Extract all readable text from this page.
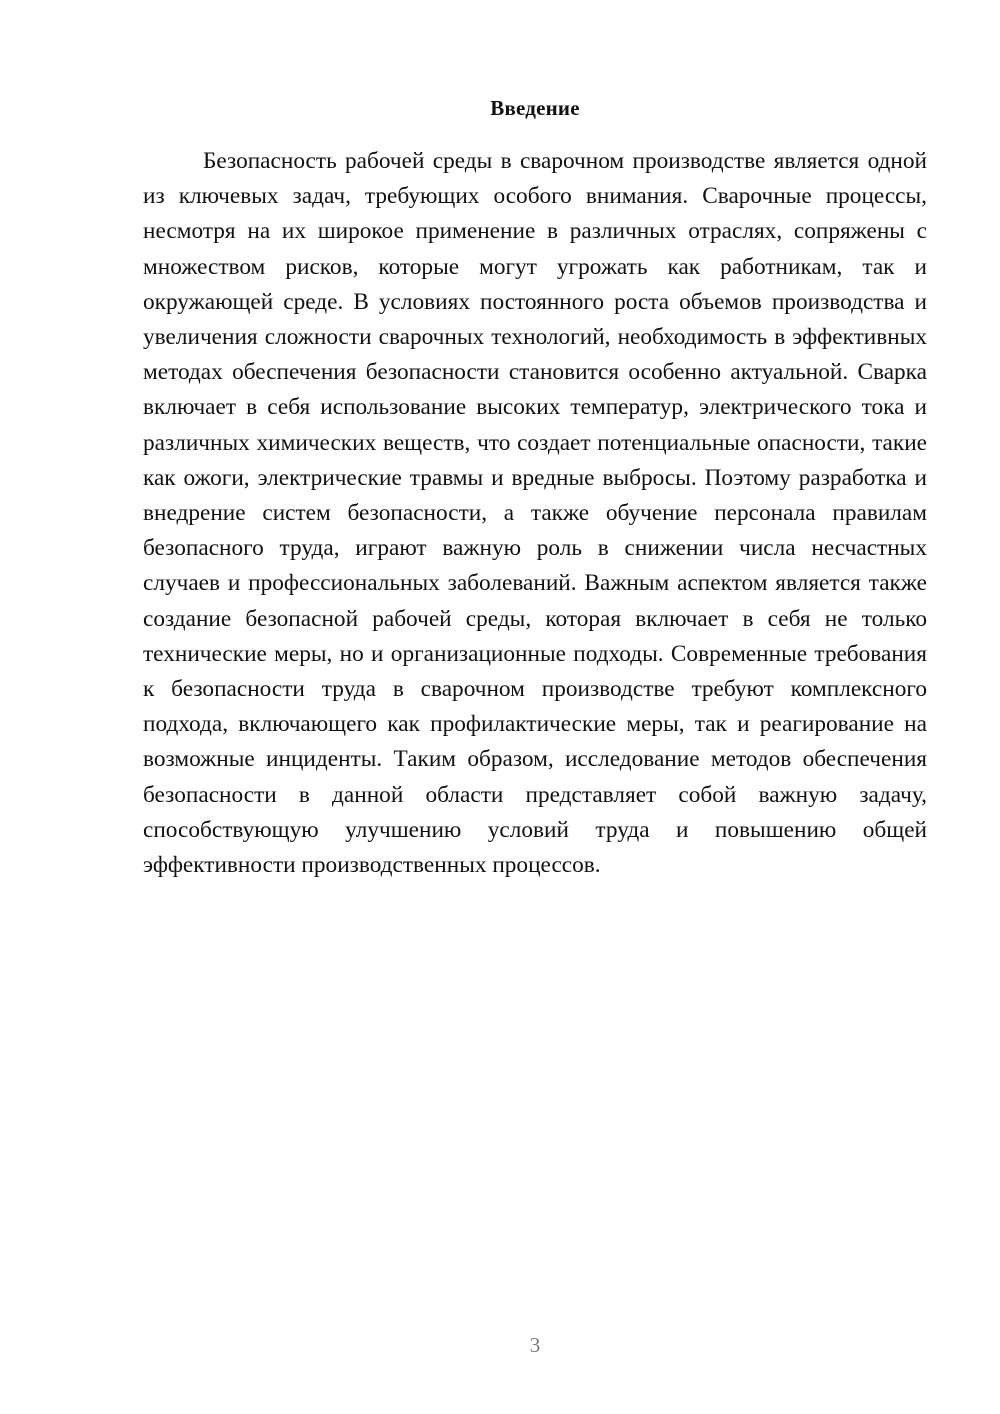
Введение

Безопасность рабочей среды в сварочном производстве является одной из ключевых задач, требующих особого внимания. Сварочные процессы, несмотря на их широкое применение в различных отраслях, сопряжены с множеством рисков, которые могут угрожать как работникам, так и окружающей среде. В условиях постоянного роста объемов производства и увеличения сложности сварочных технологий, необходимость в эффективных методах обеспечения безопасности становится особенно актуальной. Сварка включает в себя использование высоких температур, электрического тока и различных химических веществ, что создает потенциальные опасности, такие как ожоги, электрические травмы и вредные выбросы. Поэтому разработка и внедрение систем безопасности, а также обучение персонала правилам безопасного труда, играют важную роль в снижении числа несчастных случаев и профессиональных заболеваний. Важным аспектом является также создание безопасной рабочей среды, которая включает в себя не только технические меры, но и организационные подходы. Современные требования к безопасности труда в сварочном производстве требуют комплексного подхода, включающего как профилактические меры, так и реагирование на возможные инциденты. Таким образом, исследование методов обеспечения безопасности в данной области представляет собой важную задачу, способствующую улучшению условий труда и повышению общей эффективности производственных процессов.

3
